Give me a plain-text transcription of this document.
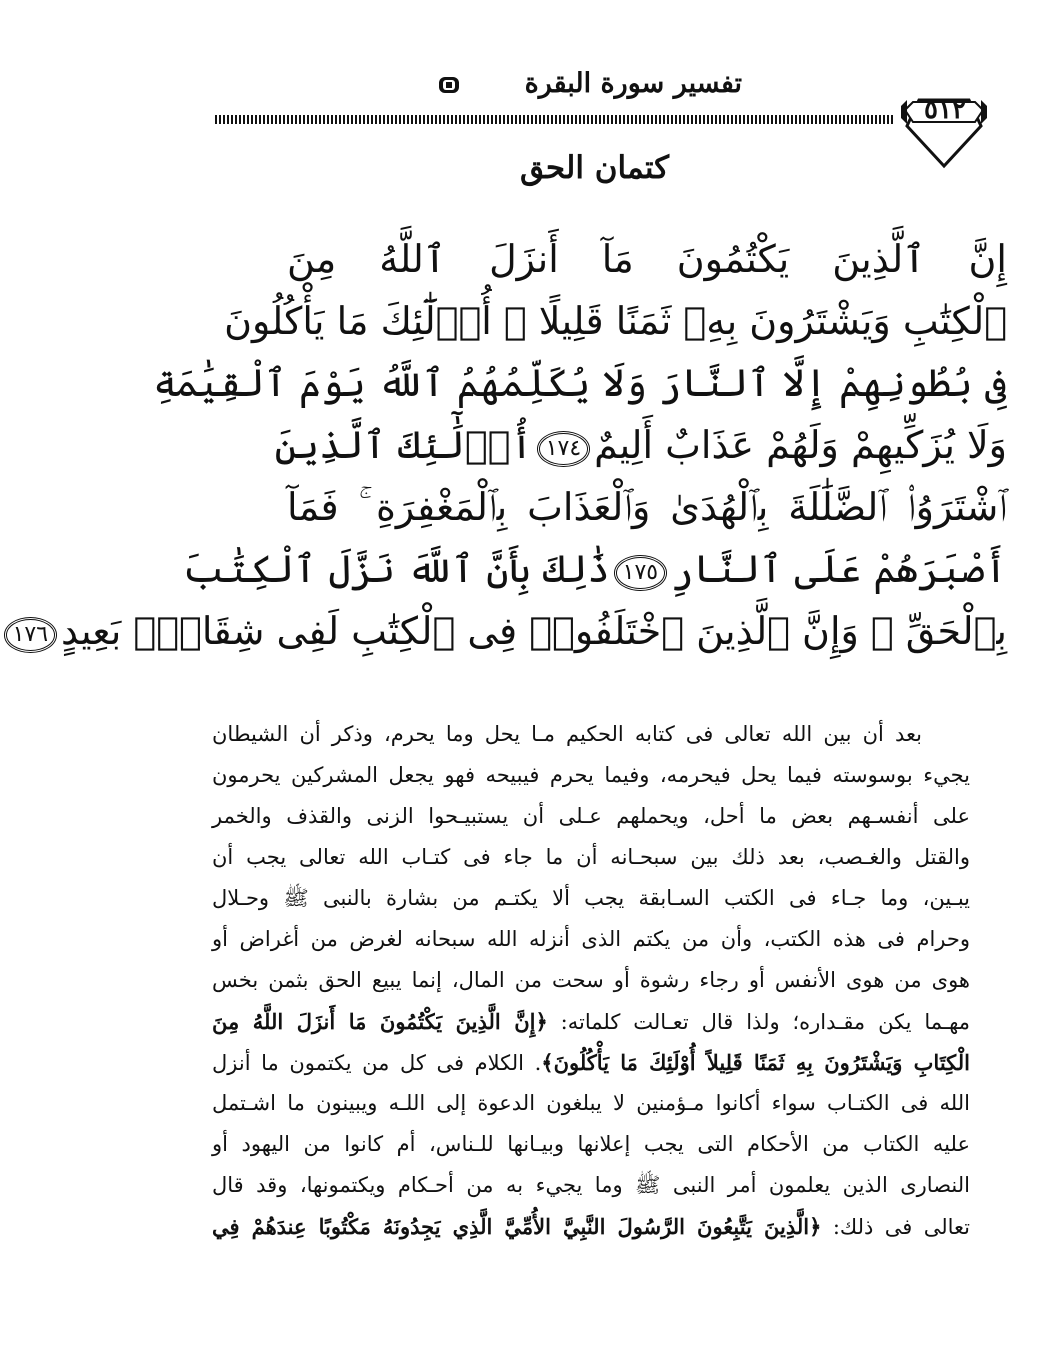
تفسير سورة البقرة
٥١٢
كتمان الحق
إِنَّ ٱلَّذِينَ يَكْتُمُونَ مَآ أَنزَلَ ٱللَّهُ مِنَ
ٱلْكِتَٰبِ وَيَشْتَرُونَ بِهِۦ ثَمَنًا قَلِيلًا ۙ أُو۟لَٰٓئِكَ مَا يَأْكُلُونَ
فِى بُطُونِهِمْ إِلَّا ٱلنَّارَ وَلَا يُكَلِّمُهُمُ ٱللَّهُ يَوْمَ ٱلْقِيَٰمَةِ
وَلَا يُزَكِّيهِمْ وَلَهُمْ عَذَابٌ أَلِيمٌ١٧٤أُو۟لَٰٓئِكَ ٱلَّذِينَ
ٱشْتَرَوُا۟ ٱلضَّلَٰلَةَ بِٱلْهُدَىٰ وَٱلْعَذَابَ بِٱلْمَغْفِرَةِ ۚ فَمَآ
أَصْبَرَهُمْ عَلَى ٱلنَّارِ١٧٥ذَٰلِكَ بِأَنَّ ٱللَّهَ نَزَّلَ ٱلْكِتَٰبَ
بِٱلْحَقِّ ۗ وَإِنَّ ٱلَّذِينَ ٱخْتَلَفُوا۟ فِى ٱلْكِتَٰبِ لَفِى شِقَاقٍۭ بَعِيدٍ١٧٦
بعد أن بين الله تعالى فى كتابه الحكيم مـا يحل وما يحرم، وذكر أن الشيطان
يجيء بوسوسته فيما يحل فيحرمه، وفيما يحرم فيبيحه فهو يجعل المشركين يحرمون
على أنفسـهم بعض ما أحل، ويحملهم عـلى أن يستبيـحوا الزنى والقذف والخمر
والقتل والغـصب، بعد ذلك بين سبحـانه أن ما جاء فى كتـاب الله تعالى يجب أن
يبـين، وما جـاء فى الكتب السـابقة يجب ألا يكتـم من بشارة بالنبى ﷺ وحـلال
وحرام فى هذه الكتب، وأن من يكتم الذى أنزله الله سبحانه لغرض من أغراض أو
هوى من هوى الأنفس أو رجاء رشوة أو سحت من المال، إنما يبيع الحق بثمن بخس
مهـما يكن مقـداره؛ ولذا قال تعـالت كلماته: ﴿إِنَّ الَّذِينَ يَكْتُمُونَ مَا أَنزَلَ اللَّهُ مِنَ
الْكِتَابِ وَيَشْتَرُونَ بِهِ ثَمَنًا قَلِيلاً أُوْلَئِكَ مَا يَأْكُلُونَ﴾. الكلام فى كل من يكتمون ما أنزل
الله فى الكتـاب سواء أكانوا مـؤمنين لا يبلغون الدعوة إلى اللـه ويبينون ما اشـتمل
عليه الكتاب من الأحكام التى يجب إعلانها وبيـانها للـناس، أم كانوا من اليهود أو
النصارى الذين يعلمون أمر النبى ﷺ وما يجيء به من أحـكام ويكتمونها، وقد قال
تعالى فى ذلك: ﴿الَّذِينَ يَتَّبِعُونَ الرَّسُولَ النَّبِيَّ الأُمِّيَّ الَّذِي يَجِدُونَهُ مَكْتُوبًا عِندَهُمْ فِي
